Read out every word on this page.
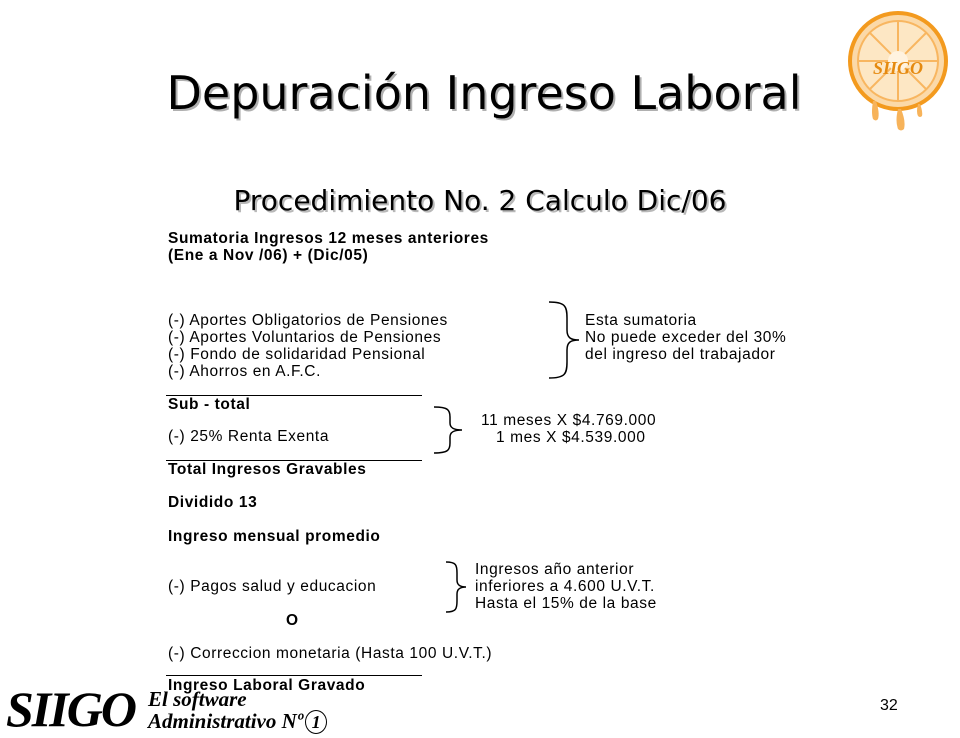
SIIGO
Depuración Ingreso Laboral
Procedimiento No. 2 Calculo Dic/06
Sumatoria Ingresos 12 meses anteriores
(Ene a Nov /06) + (Dic/05)
(-) Aportes Obligatorios de Pensiones
(-) Aportes Voluntarios de Pensiones
(-) Fondo de solidaridad Pensional
(-) Ahorros en A.F.C.
Esta sumatoria
No puede exceder del 30%
del ingreso del trabajador
Sub - total
(-) 25% Renta Exenta
11 meses X $4.769.000
1 mes X $4.539.000
Total Ingresos Gravables
Dividido 13
Ingreso mensual promedio
(-) Pagos salud y educacion
Ingresos año anterior
inferiores a 4.600 U.V.T.
Hasta el 15% de la base
O
(-) Correccion monetaria (Hasta 100 U.V.T.)
Ingreso Laboral Gravado
SIIGO El software
Administrativo Nº 1
32
